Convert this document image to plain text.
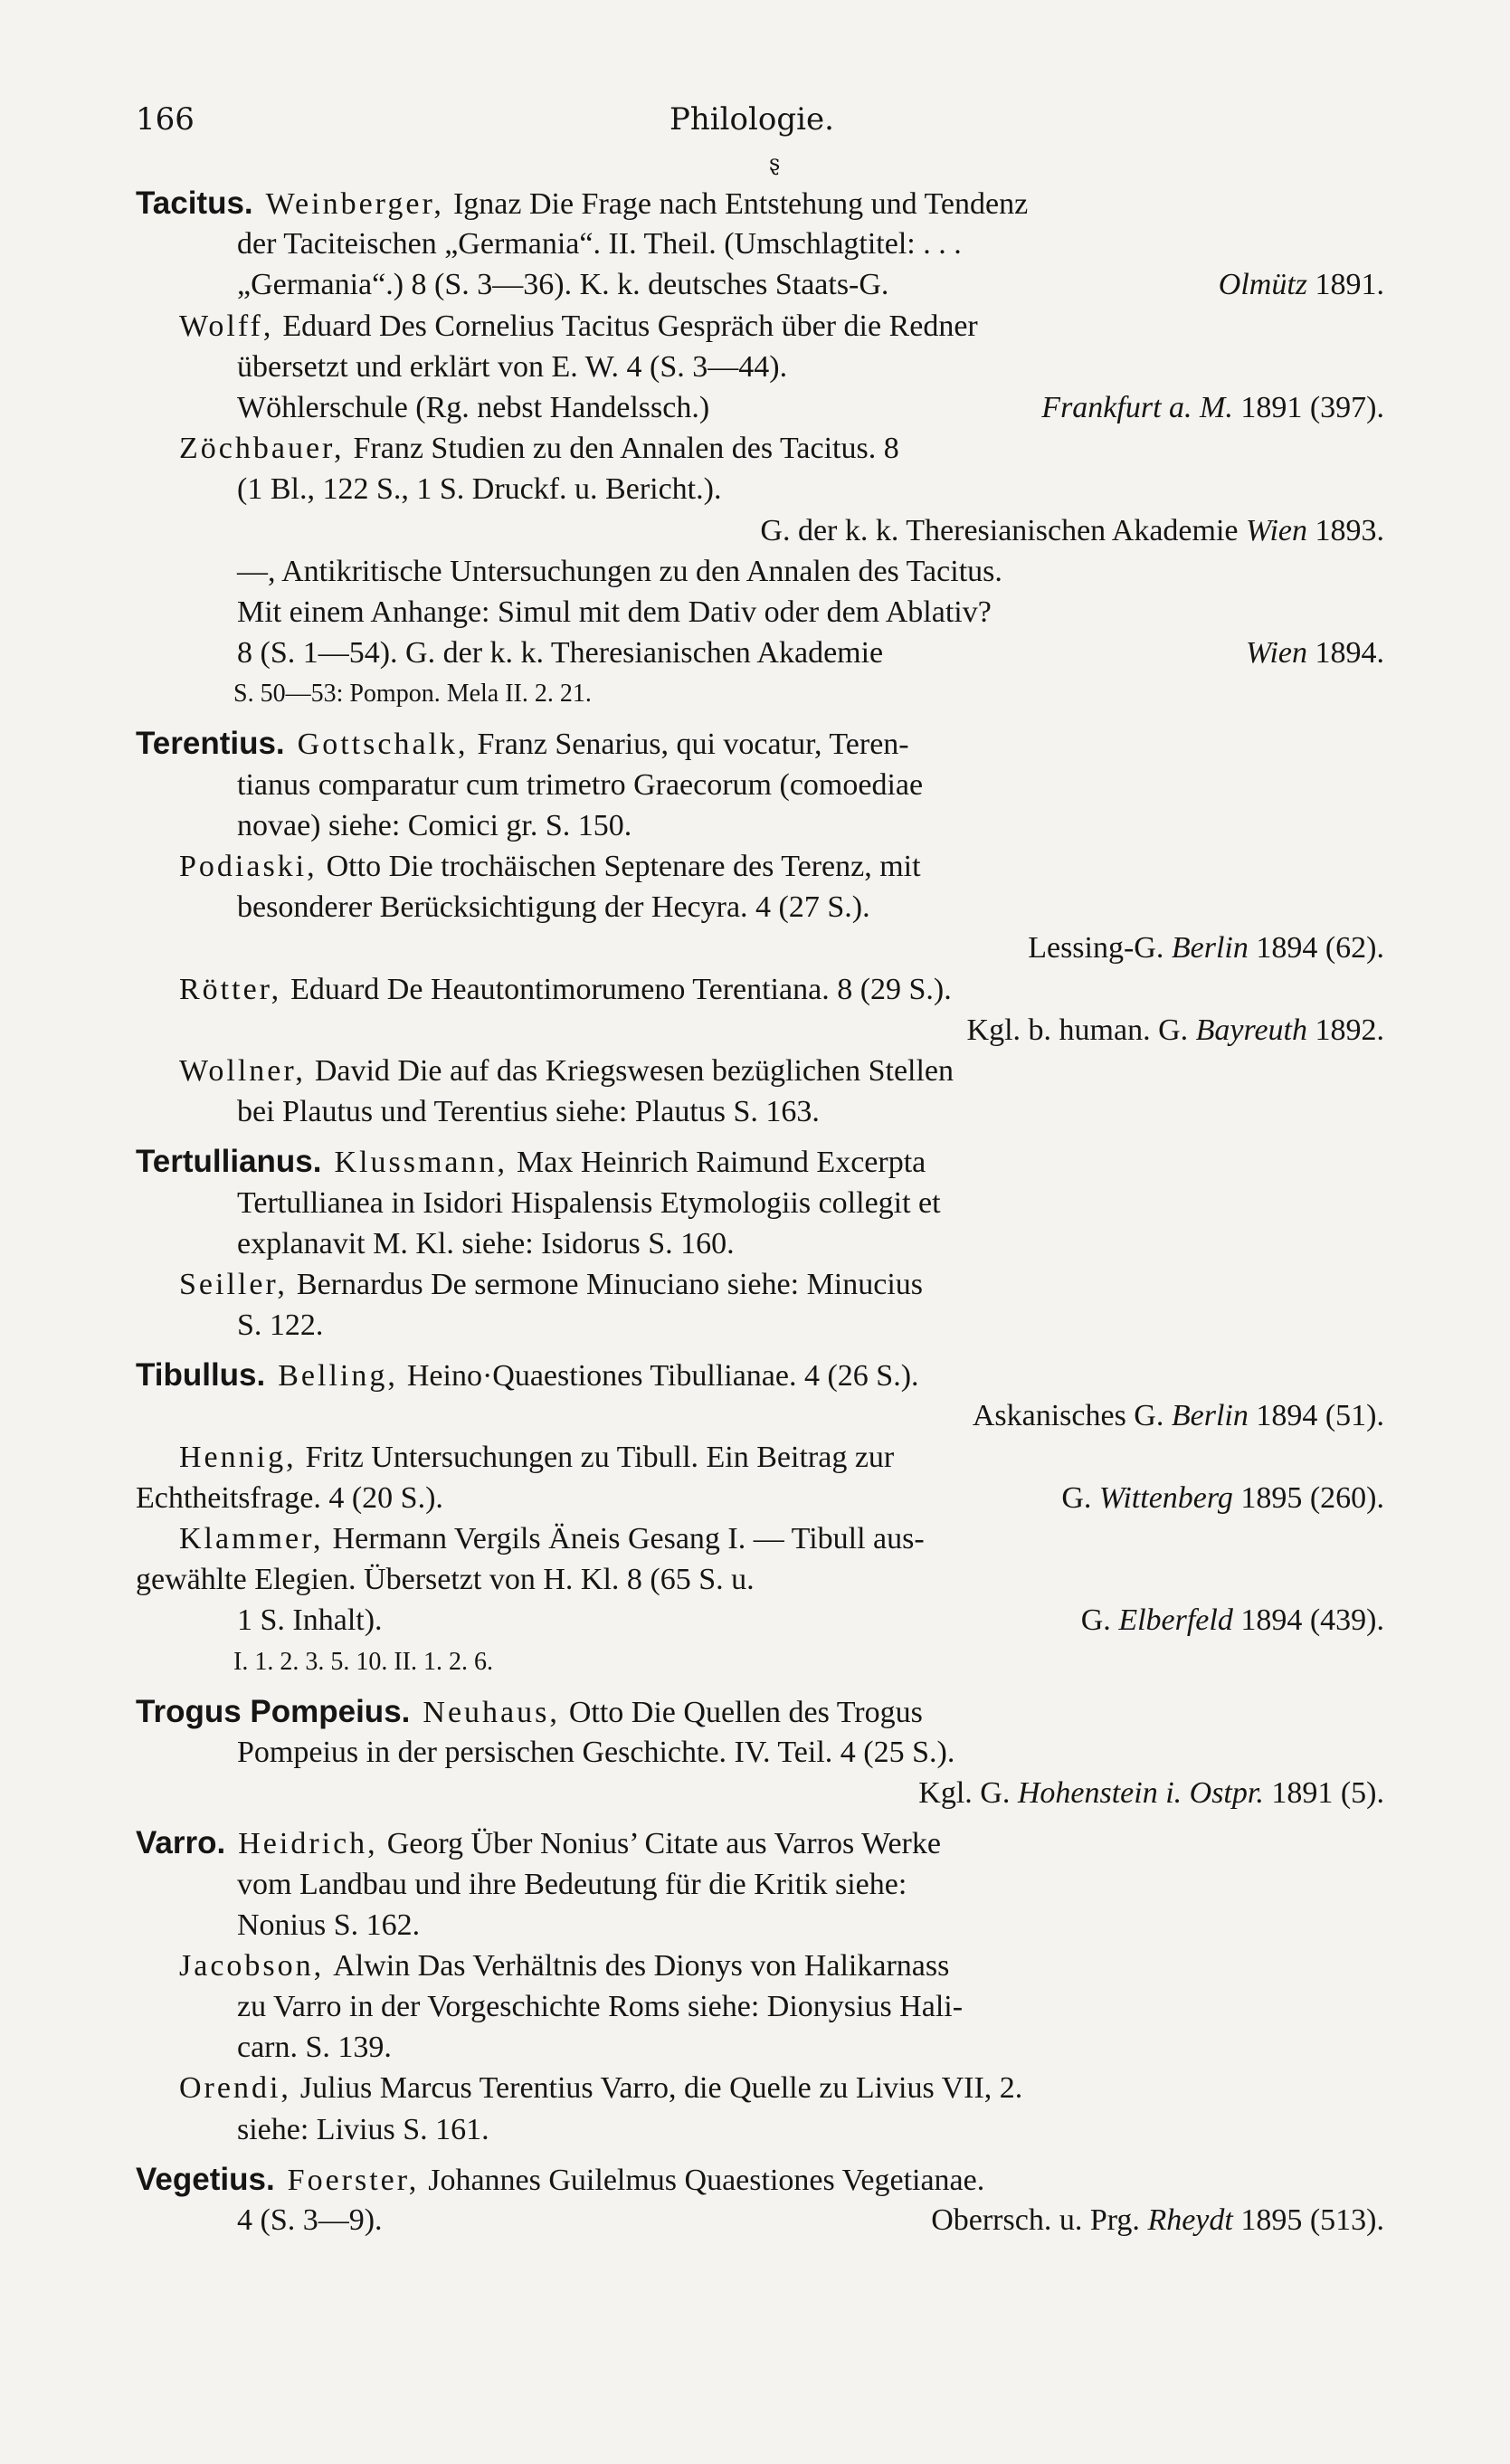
166	Philologie.
ȿ
Tacitus. Weinberger, Ignaz Die Frage nach Entstehung und Tendenz
der Taciteischen „Germania“. II. Theil. (Umschlagtitel: . . .
„Germania“.) 8 (S. 3—36). K. k. deutsches Staats-G.	Olmütz 1891.
Wolff, Eduard Des Cornelius Tacitus Gespräch über die Redner
übersetzt und erklärt von E. W. 4 (S. 3—44).
Wöhlerschule (Rg. nebst Handelssch.)	Frankfurt a. M. 1891 (397).
Zöchbauer, Franz Studien zu den Annalen des Tacitus. 8
(1 Bl., 122 S., 1 S. Druckf. u. Bericht.).
G. der k. k. Theresianischen Akademie Wien 1893.
—, Antikritische Untersuchungen zu den Annalen des Tacitus.
Mit einem Anhange: Simul mit dem Dativ oder dem Ablativ?
8 (S. 1—54). G. der k. k. Theresianischen Akademie	Wien 1894.
S. 50—53: Pompon. Mela II. 2. 21.
Terentius. Gottschalk, Franz Senarius, qui vocatur, Teren-
tianus comparatur cum trimetro Graecorum (comoediae
novae) siehe: Comici gr. S. 150.
Podiaski, Otto Die trochäischen Septenare des Terenz, mit
besonderer Berücksichtigung der Hecyra. 4 (27 S.).
Lessing-G. Berlin 1894 (62).
Rötter, Eduard De Heautontimorumeno Terentiana. 8 (29 S.).
Kgl. b. human. G. Bayreuth 1892.
Wollner, David Die auf das Kriegswesen bezüglichen Stellen
bei Plautus und Terentius siehe: Plautus S. 163.
Tertullianus. Klussmann, Max Heinrich Raimund Excerpta
Tertullianea in Isidori Hispalensis Etymologiis collegit et
explanavit M. Kl. siehe: Isidorus S. 160.
Seiller, Bernardus De sermone Minuciano siehe: Minucius
S. 122.
Tibullus. Belling, Heino·Quaestiones Tibullianae. 4 (26 S.).
Askanisches G. Berlin 1894 (51).
Hennig, Fritz Untersuchungen zu Tibull. Ein Beitrag zur
Echtheitsfrage. 4 (20 S.).	G. Wittenberg 1895 (260).
Klammer, Hermann Vergils Äneis Gesang I. — Tibull aus-
gewählte Elegien. Übersetzt von H. Kl. 8 (65 S. u.
1 S. Inhalt).	G. Elberfeld 1894 (439).
I. 1. 2. 3. 5. 10. II. 1. 2. 6.
Trogus Pompeius. Neuhaus, Otto Die Quellen des Trogus
Pompeius in der persischen Geschichte. IV. Teil. 4 (25 S.).
Kgl. G. Hohenstein i. Ostpr. 1891 (5).
Varro. Heidrich, Georg Über Nonius’ Citate aus Varros Werke
vom Landbau und ihre Bedeutung für die Kritik siehe:
Nonius S. 162.
Jacobson, Alwin Das Verhältnis des Dionys von Halikarnass
zu Varro in der Vorgeschichte Roms siehe: Dionysius Hali-
carn. S. 139.
Orendi, Julius Marcus Terentius Varro, die Quelle zu Livius VII, 2.
siehe: Livius S. 161.
Vegetius. Foerster, Johannes Guilelmus Quaestiones Vegetianae.
4 (S. 3—9).	Oberrsch. u. Prg. Rheydt 1895 (513).
